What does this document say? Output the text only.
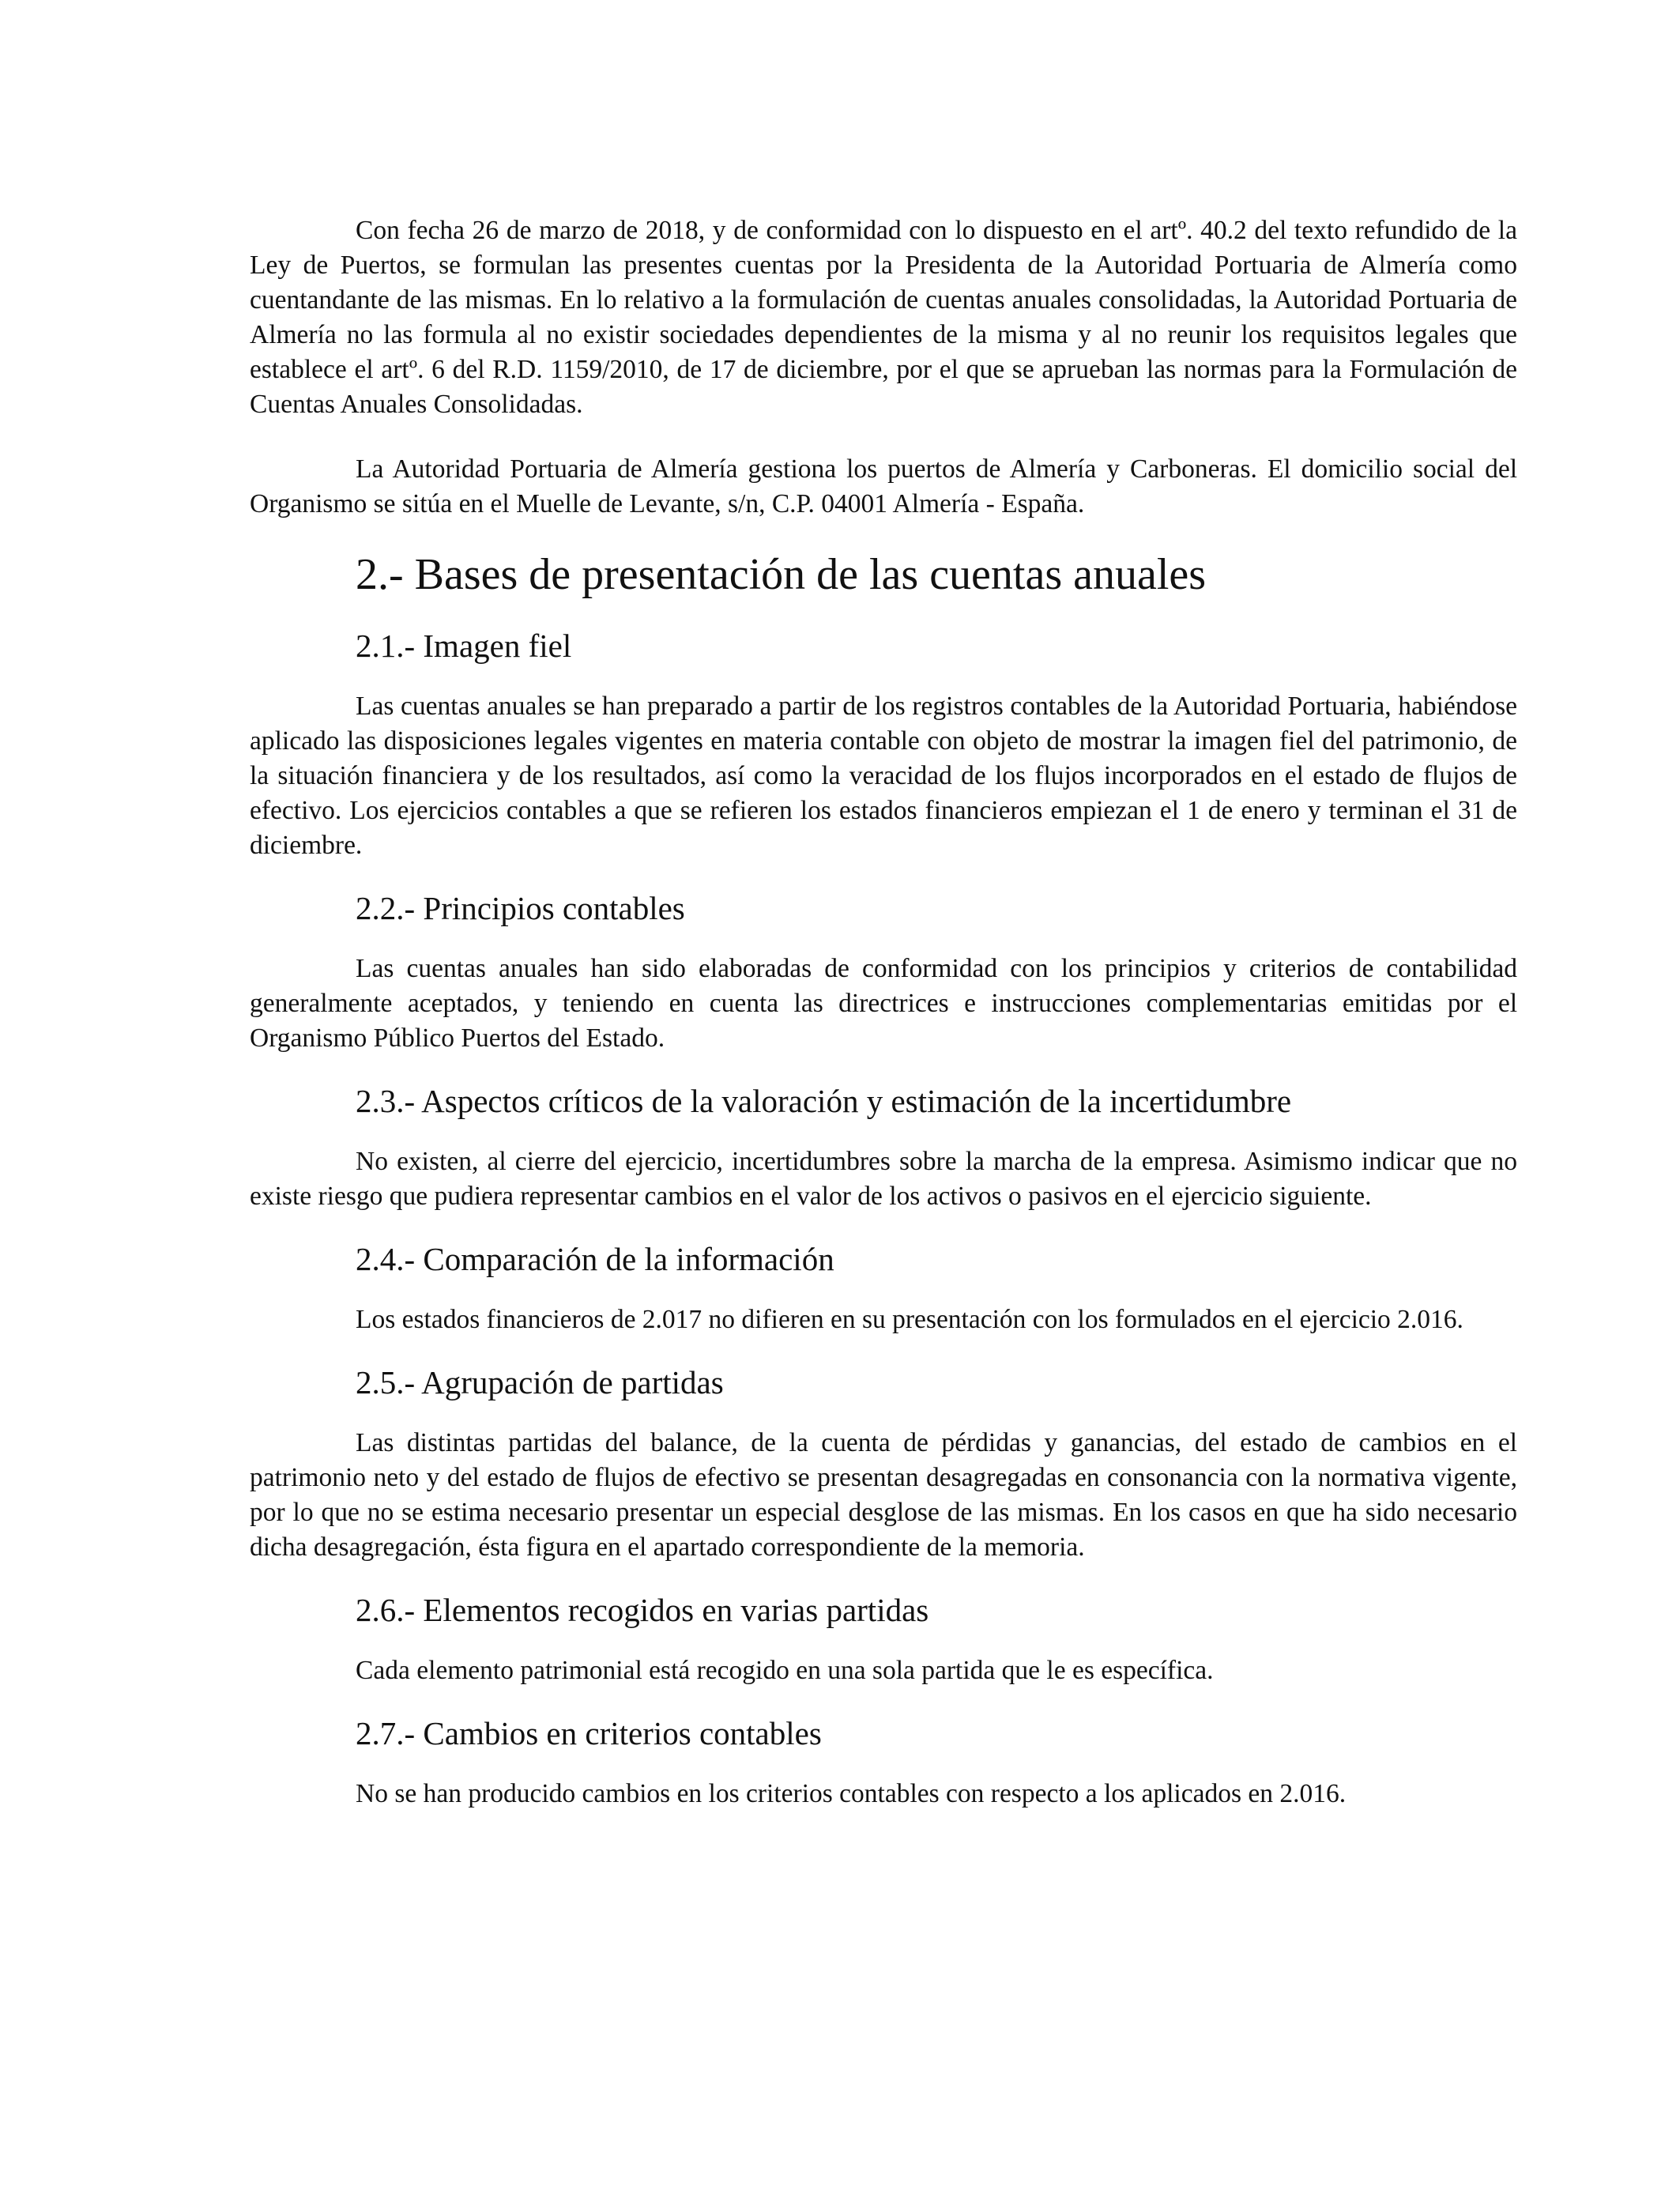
Con fecha 26 de marzo de 2018, y de conformidad con lo dispuesto en el artº. 40.2 del texto refundido de la Ley de Puertos, se formulan las presentes cuentas por la Presidenta de la Autoridad Portuaria de Almería como cuentandante de las mismas. En lo relativo a la formulación de cuentas anuales consolidadas, la Autoridad Portuaria de Almería no las formula al no existir sociedades dependientes de la misma y al no reunir los requisitos legales que establece el artº. 6 del R.D. 1159/2010, de 17 de diciembre, por el que se aprueban las normas para la Formulación de Cuentas Anuales Consolidadas.

La Autoridad Portuaria de Almería gestiona los puertos de Almería y Carboneras. El domicilio social del Organismo se sitúa en el Muelle de Levante, s/n, C.P. 04001 Almería - España.

2.- Bases de presentación de las cuentas anuales
2.1.- Imagen fiel

Las cuentas anuales se han preparado a partir de los registros contables de la Autoridad Portuaria, habiéndose aplicado las disposiciones legales vigentes en materia contable con objeto de mostrar la imagen fiel del patrimonio, de la situación financiera y de los resultados, así como la veracidad de los flujos incorporados en el estado de flujos de efectivo. Los ejercicios contables a que se refieren los estados financieros empiezan el 1 de enero y terminan el 31 de diciembre.

2.2.- Principios contables

Las cuentas anuales han sido elaboradas de conformidad con los principios y criterios de contabilidad generalmente aceptados, y teniendo en cuenta las directrices e instrucciones complementarias emitidas por el Organismo Público Puertos del Estado.

2.3.- Aspectos críticos de la valoración y estimación de la incertidumbre

No existen, al cierre del ejercicio, incertidumbres sobre la marcha de la empresa. Asimismo indicar que no existe riesgo que pudiera representar cambios en el valor de los activos o pasivos en el ejercicio siguiente.

2.4.- Comparación de la información

Los estados financieros de 2.017 no difieren en su presentación con los formulados en el ejercicio 2.016.

2.5.- Agrupación de partidas

Las distintas partidas del balance, de la cuenta de pérdidas y ganancias, del estado de cambios en el patrimonio neto y del estado de flujos de efectivo se presentan desagregadas en consonancia con la normativa vigente, por lo que no se estima necesario presentar un especial desglose de las mismas. En los casos en que ha sido necesario dicha desagregación, ésta figura en el apartado correspondiente de la memoria.

2.6.- Elementos recogidos en varias partidas

Cada elemento patrimonial está recogido en una sola partida que le es específica.

2.7.- Cambios en criterios contables

No se han producido cambios en los criterios contables con respecto a los aplicados en 2.016.
